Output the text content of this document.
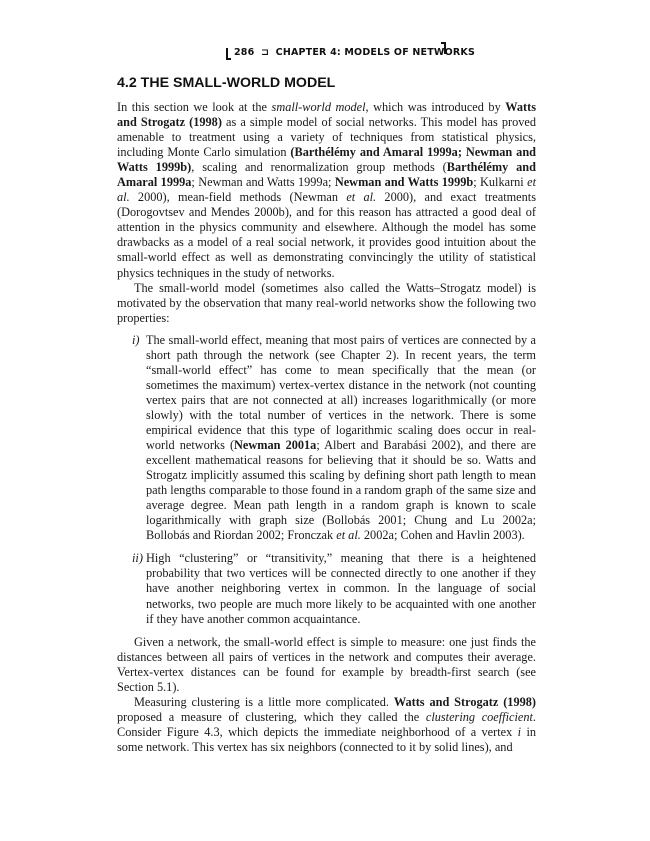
286 ⊐ CHAPTER 4: MODELS OF NETWORKS
4.2 THE SMALL-WORLD MODEL

In this section we look at the small-world model, which was introduced by Watts and Strogatz (1998) as a simple model of social networks. This model has proved amenable to treatment using a variety of techniques from statistical physics, including Monte Carlo simulation (Barthélémy and Amaral 1999a; Newman and Watts 1999b), scaling and renormalization group methods (Barthélémy and Amaral 1999a; Newman and Watts 1999a; Newman and Watts 1999b; Kulkarni et al. 2000), mean-field methods (Newman et al. 2000), and exact treatments (Dorogovtsev and Mendes 2000b), and for this reason has attracted a good deal of attention in the physics community and elsewhere. Although the model has some drawbacks as a model of a real social network, it provides good intuition about the small-world effect as well as demonstrating convincingly the utility of statistical physics techniques in the study of networks.

The small-world model (sometimes also called the Watts–Strogatz model) is motivated by the observation that many real-world networks show the following two properties:

i) The small-world effect, meaning that most pairs of vertices are connected by a short path through the network (see Chapter 2). In recent years, the term “small-world effect” has come to mean specifically that the mean (or sometimes the maximum) vertex-vertex distance in the network (not counting vertex pairs that are not connected at all) increases logarithmically (or more slowly) with the total number of vertices in the network. There is some empirical evidence that this type of logarithmic scaling does occur in real-world networks (Newman 2001a; Albert and Barabási 2002), and there are excellent mathematical reasons for believing that it should be so. Watts and Strogatz implicitly assumed this scaling by defining short path length to mean path lengths comparable to those found in a random graph of the same size and average degree. Mean path length in a random graph is known to scale logarithmically with graph size (Bollobás 2001; Chung and Lu 2002a; Bollobás and Riordan 2002; Fronczak et al. 2002a; Cohen and Havlin 2003).
ii) High “clustering” or “transitivity,” meaning that there is a heightened probability that two vertices will be connected directly to one another if they have another neighboring vertex in common. In the language of social networks, two people are much more likely to be acquainted with one another if they have another common acquaintance.

Given a network, the small-world effect is simple to measure: one just finds the distances between all pairs of vertices in the network and computes their average. Vertex-vertex distances can be found for example by breadth-first search (see Section 5.1).

Measuring clustering is a little more complicated. Watts and Strogatz (1998) proposed a measure of clustering, which they called the clustering coefficient. Consider Figure 4.3, which depicts the immediate neighborhood of a vertex i in some network. This vertex has six neighbors (connected to it by solid lines), and
